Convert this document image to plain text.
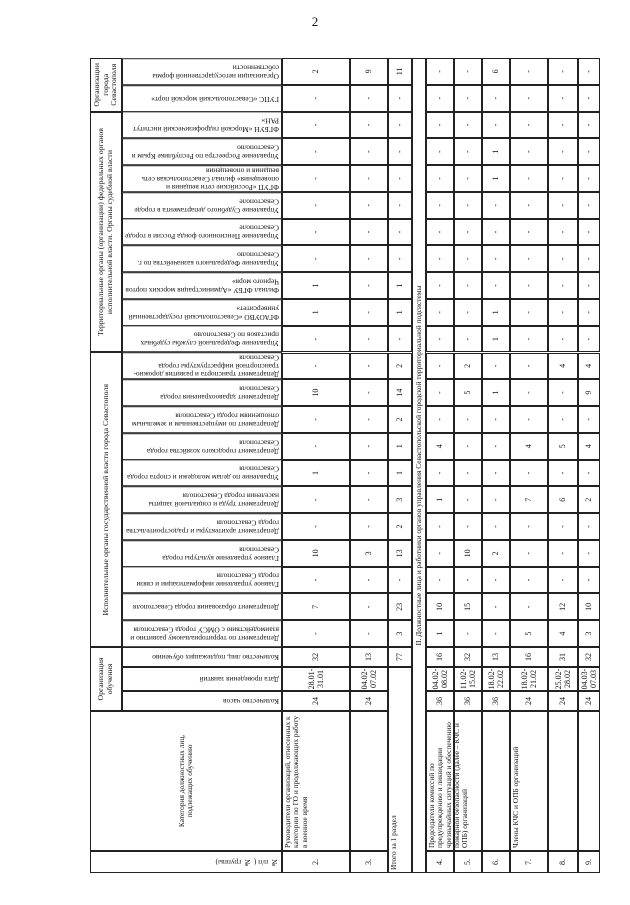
2
№ п/п ( № группы)
Категория должностных лиц, подлежащих обучению
Организация обучения
Количество часов
Дата проведения занятий
Количество лиц, подлежащих обучению
Исполнительные органы государственной власти города Севастополя
Территориальные органы (организации) федеральных органов исполнительной власти. Органы судебной власти
Организации города Севастополя
Департамент по территориальному развитию и взаимодействию с ОМСУ города Севастополя
Департамент образования города Севастополя
Главное управление информатизации и связи города Севастополя
Главное управление культуры города Севастополя
Департамент архитектуры и градостроительства города Севастополя
Департамент труда и социальной защиты населения города Севастополя
Управление по делам молодежи и спорта города Севастополя
Департамент городского хозяйства города Севастополя
Департамент по имущественным и земельным отношениям города Севастополя
Департамент здравоохранения города Севастополя
Департамент транспорта и развития дорожно-транспортной инфраструктуры города Севастополя
Управление Федеральной службы судебных приставов по Севастополю
ФГАОУВО «Севастопольский государственный университет»
Филиал ФГБУ «Администрация морских портов Черного моря»
Управление Федерального казначейства по г. Севастополю
Управление Пенсионного фонда России в городе Севастополе
Управление Судебного департамента в городе Севастополе
ФГУП «Российские сети вещания и оповещения» филиал Севастопольская сеть вещания и оповещения
Управление Росреестра по Республике Крым и Севастополю
ФГБУН «Морской гидрофизический институт РАН»
ГУПС «Севастопольский морской порт»
Организации негосударственной формы собственности
2.
Руководители организаций, отнесенных к категории по ГО и продолжающих работу в военное время
24
28.01-31.01
32
-
7
-
10
-
-
1
-
-
10
-
-
1
1
-
-
-
-
-
-
-
2
3.
24
04.02-07.02
13
-
-
-
3
-
-
-
-
-
-
-
-
-
-
-
-
-
-
-
-
-
9
Итого за 1 раздел
77
3
23
-
13
2
3
1
1
2
14
2
-
1
1
-
-
-
-
-
-
-
11
II. Должностные лица и работники органов управления Севастопольской городской территориальной подсистемы
4.
Председатели комиссий по предупреждению и ликвидации чрезвычайных ситуаций и обеспечению пожарной безопасности (далее – КЧС и ОПБ) организаций
36
04.02-08.02
16
1
10
-
-
-
1
-
4
-
-
-
-
-
-
-
-
-
-
-
-
-
-
5.
36
11.02-15.02
32
-
15
-
10
-
-
-
-
-
5
2
-
-
-
-
-
-
-
-
-
-
-
6.
36
18.02-22.02
13
-
-
-
2
-
-
-
-
-
1
-
1
1
-
-
-
-
1
1
-
-
6
7.
Члены КЧС и ОПБ организаций
24
18.02-21.02
16
5
-
-
-
-
7
-
4
-
-
-
-
-
-
-
-
-
-
-
-
-
-
8.
24
25.02-28.02
31
4
12
-
-
-
6
-
5
-
-
4
-
-
-
-
-
-
-
-
-
-
-
9.
24
04.03-07.03
32
3
10
-
-
-
2
-
4
-
9
4
-
-
-
-
-
-
-
-
-
-
-
